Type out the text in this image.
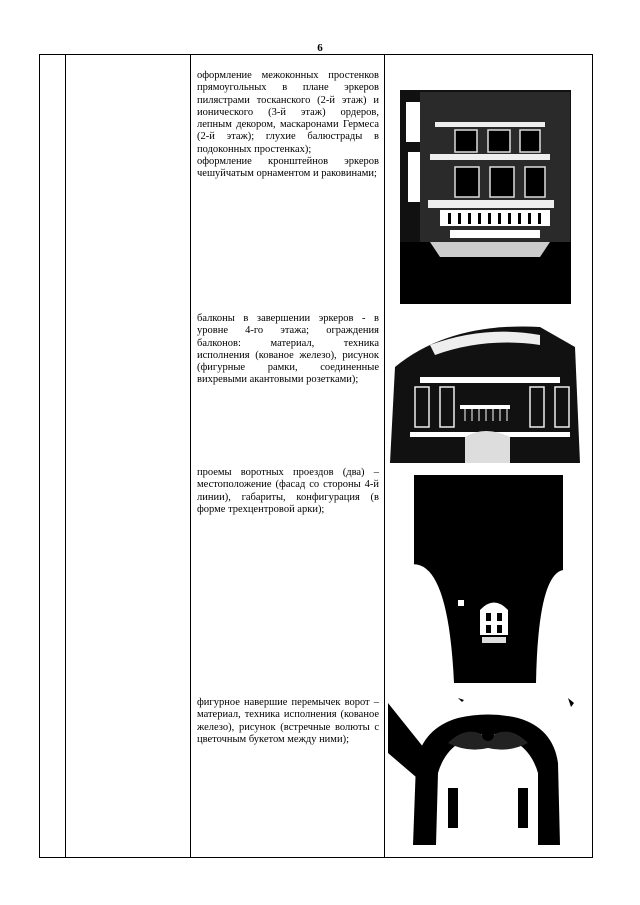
6

оформление межоконных простенков прямоугольных в плане эркеров пилястрами тосканского (2-й этаж) и ионического (3-й этаж) ордеров, лепным декором, маскаронами Гермеса (2-й этаж); глухие балюстрады в подоконных простенках);

оформление кронштейнов эркеров чешуйчатым орнаментом и раковинами;

балконы в завершении эркеров - в уровне 4-го этажа; ограждения балконов: материал, техника исполнения (кованое железо), рисунок (фигурные рамки, соединенные вихревыми акантовыми розетками);

проемы воротных проездов (два) – местоположение (фасад со стороны 4-й линии), габариты, конфигурация (в форме трехцентровой арки);

фигурное навершие перемычек ворот – материал, техника исполнения (кованое железо), рисунок (встречные волюты с цветочным букетом между ними);
